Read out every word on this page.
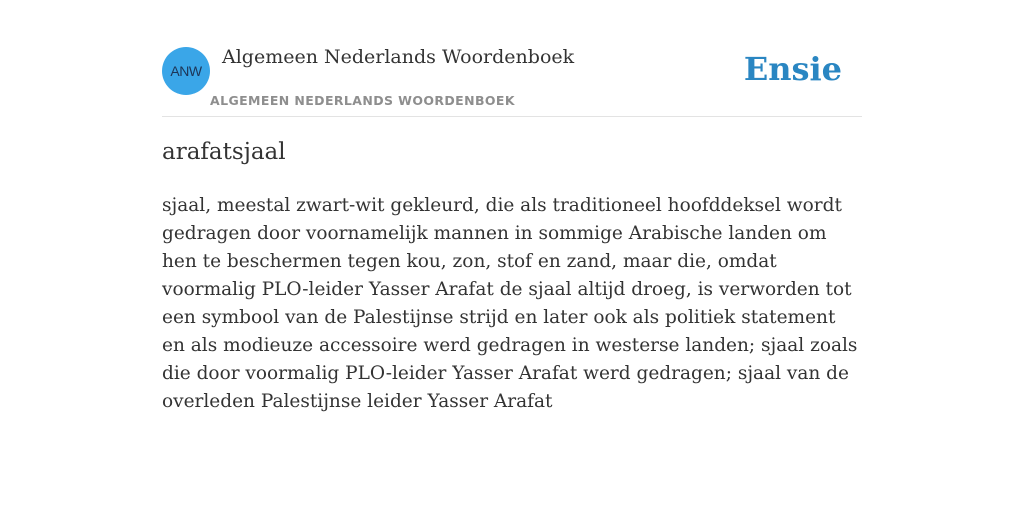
ANW
Algemeen Nederlands Woordenboek
ALGEMEEN NEDERLANDS WOORDENBOEK
Ensie
arafatsjaal

sjaal, meestal zwart-wit gekleurd, die als traditioneel hoofddeksel wordt gedragen door voornamelijk mannen in sommige Arabische landen om hen te beschermen tegen kou, zon, stof en zand, maar die, omdat voormalig PLO-leider Yasser Arafat de sjaal altijd droeg, is verworden tot een symbool van de Palestijnse strijd en later ook als politiek statement en als modieuze accessoire werd gedragen in westerse landen; sjaal zoals die door voormalig PLO-leider Yasser Arafat werd gedragen; sjaal van de overleden Palestijnse leider Yasser Arafat
